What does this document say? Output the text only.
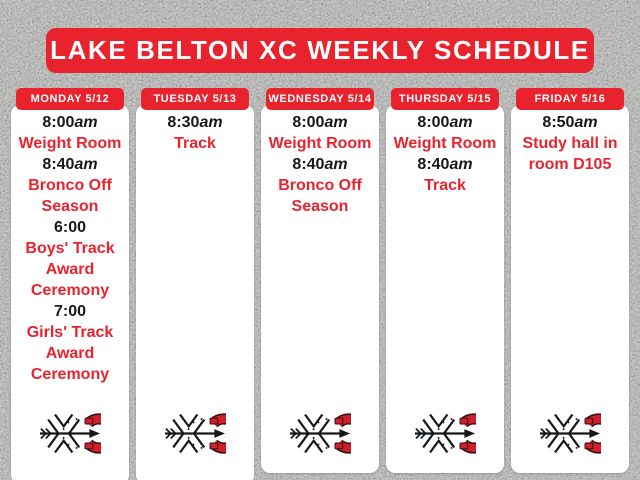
LAKE BELTON XC WEEKLY SCHEDULE
MONDAY 5/12
8:00am
Weight Room
8:40am
Bronco Off Season
6:00
Boys' Track Award Ceremony
7:00
Girls' Track Award Ceremony
TUESDAY 5/13
8:30am
Track
WEDNESDAY 5/14
8:00am
Weight Room
8:40am
Bronco Off Season
THURSDAY 5/15
8:00am
Weight Room
8:40am
Track
FRIDAY 5/16
8:50am
Study hall in room D105
